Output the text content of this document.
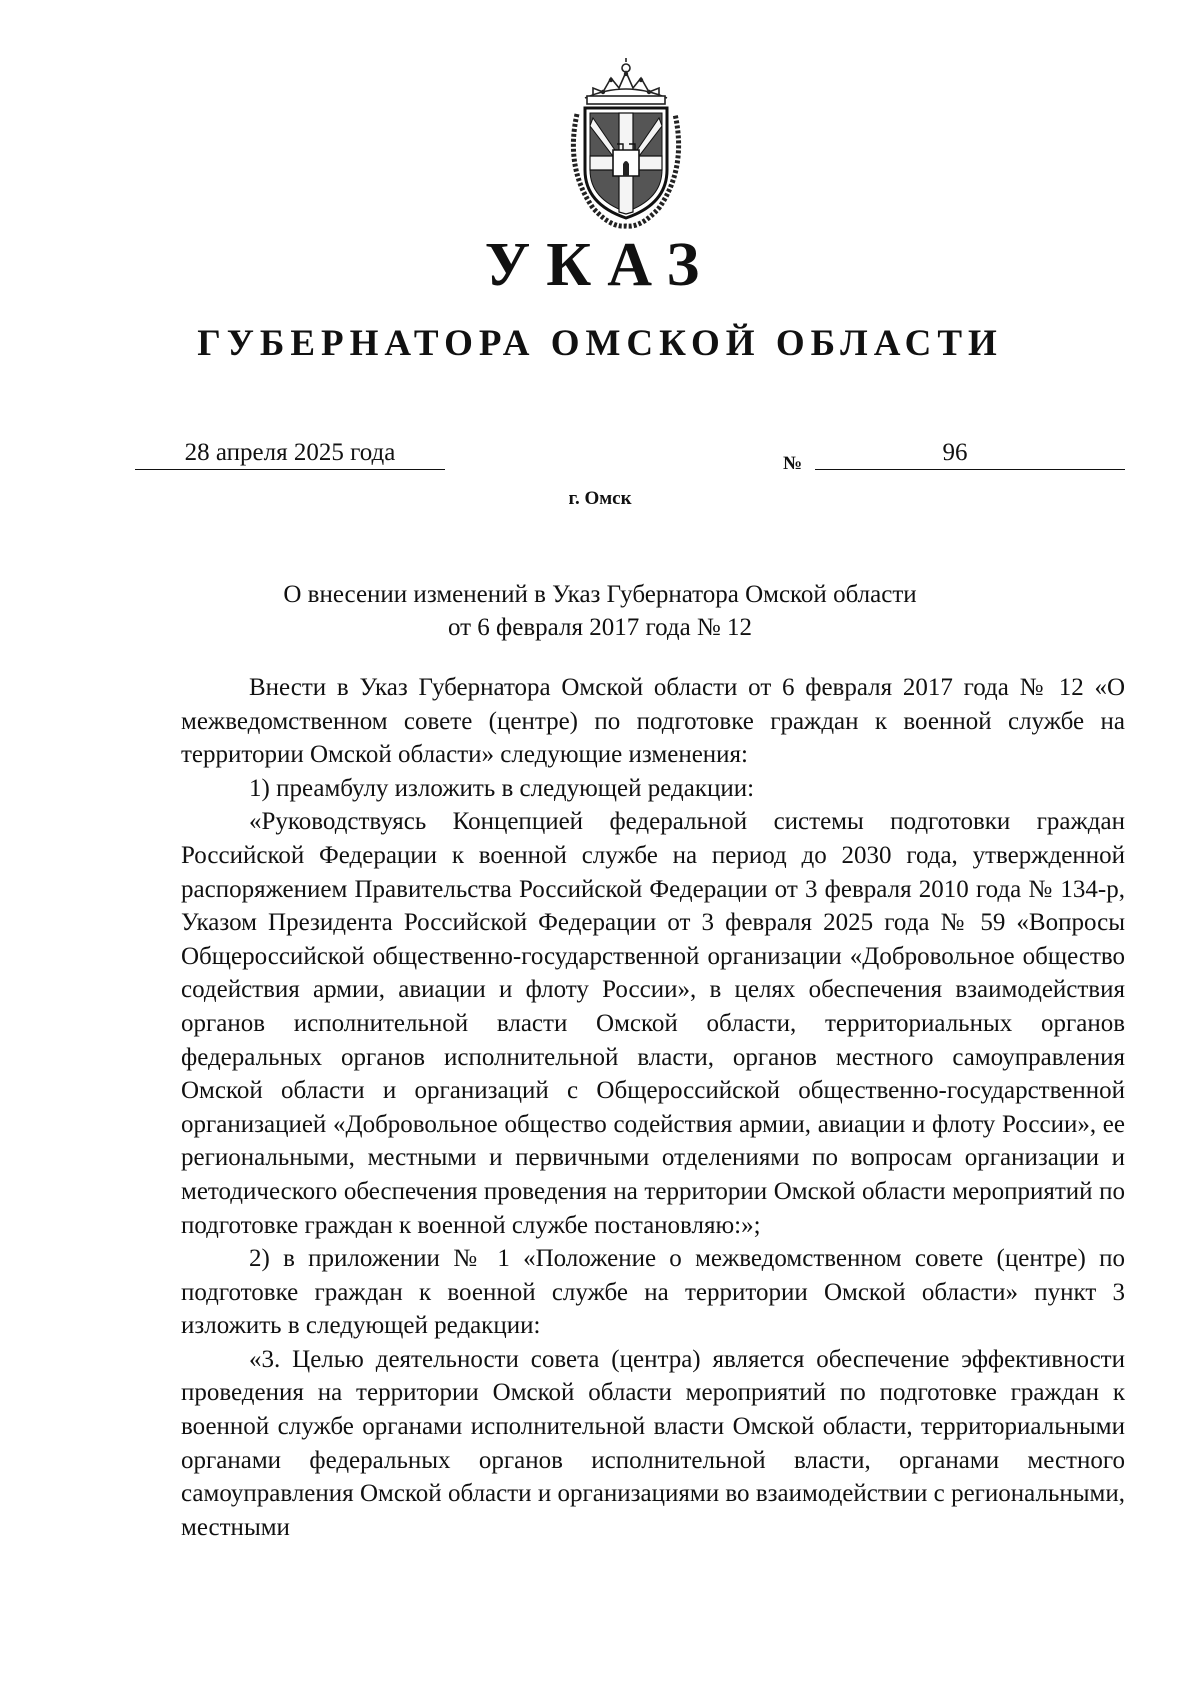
УКАЗ
ГУБЕРНАТОРА ОМСКОЙ ОБЛАСТИ
28 апреля 2025 года	№	96
г. Омск
О внесении изменений в Указ Губернатора Омской области
от 6 февраля 2017 года № 12

Внести в Указ Губернатора Омской области от 6 февраля 2017 года № 12 «О межведомственном совете (центре) по подготовке граждан к военной службе на территории Омской области» следующие изменения:

1) преамбулу изложить в следующей редакции:

«Руководствуясь Концепцией федеральной системы подготовки граждан Российской Федерации к военной службе на период до 2030 года, утвержденной распоряжением Правительства Российской Федерации от 3 февраля 2010 года № 134-р, Указом Президента Российской Федерации от 3 февраля 2025 года № 59 «Вопросы Общероссийской общественно-государственной организации «Добровольное общество содействия армии, авиации и флоту России», в целях обеспечения взаимодействия органов исполнительной власти Омской области, территориальных органов федеральных органов исполнительной власти, органов местного самоуправления Омской области и организаций с Общероссийской общественно-государственной организацией «Добровольное общество содействия армии, авиации и флоту России», ее региональными, местными и первичными отделениями по вопросам организации и методического обеспечения проведения на территории Омской области мероприятий по подготовке граждан к военной службе постановляю:»;

2) в приложении № 1 «Положение о межведомственном совете (центре) по подготовке граждан к военной службе на территории Омской области» пункт 3 изложить в следующей редакции:

«3. Целью деятельности совета (центра) является обеспечение эффективности проведения на территории Омской области мероприятий по подготовке граждан к военной службе органами исполнительной власти Омской области, территориальными органами федеральных органов исполнительной власти, органами местного самоуправления Омской области и организациями во взаимодействии с региональными, местными
